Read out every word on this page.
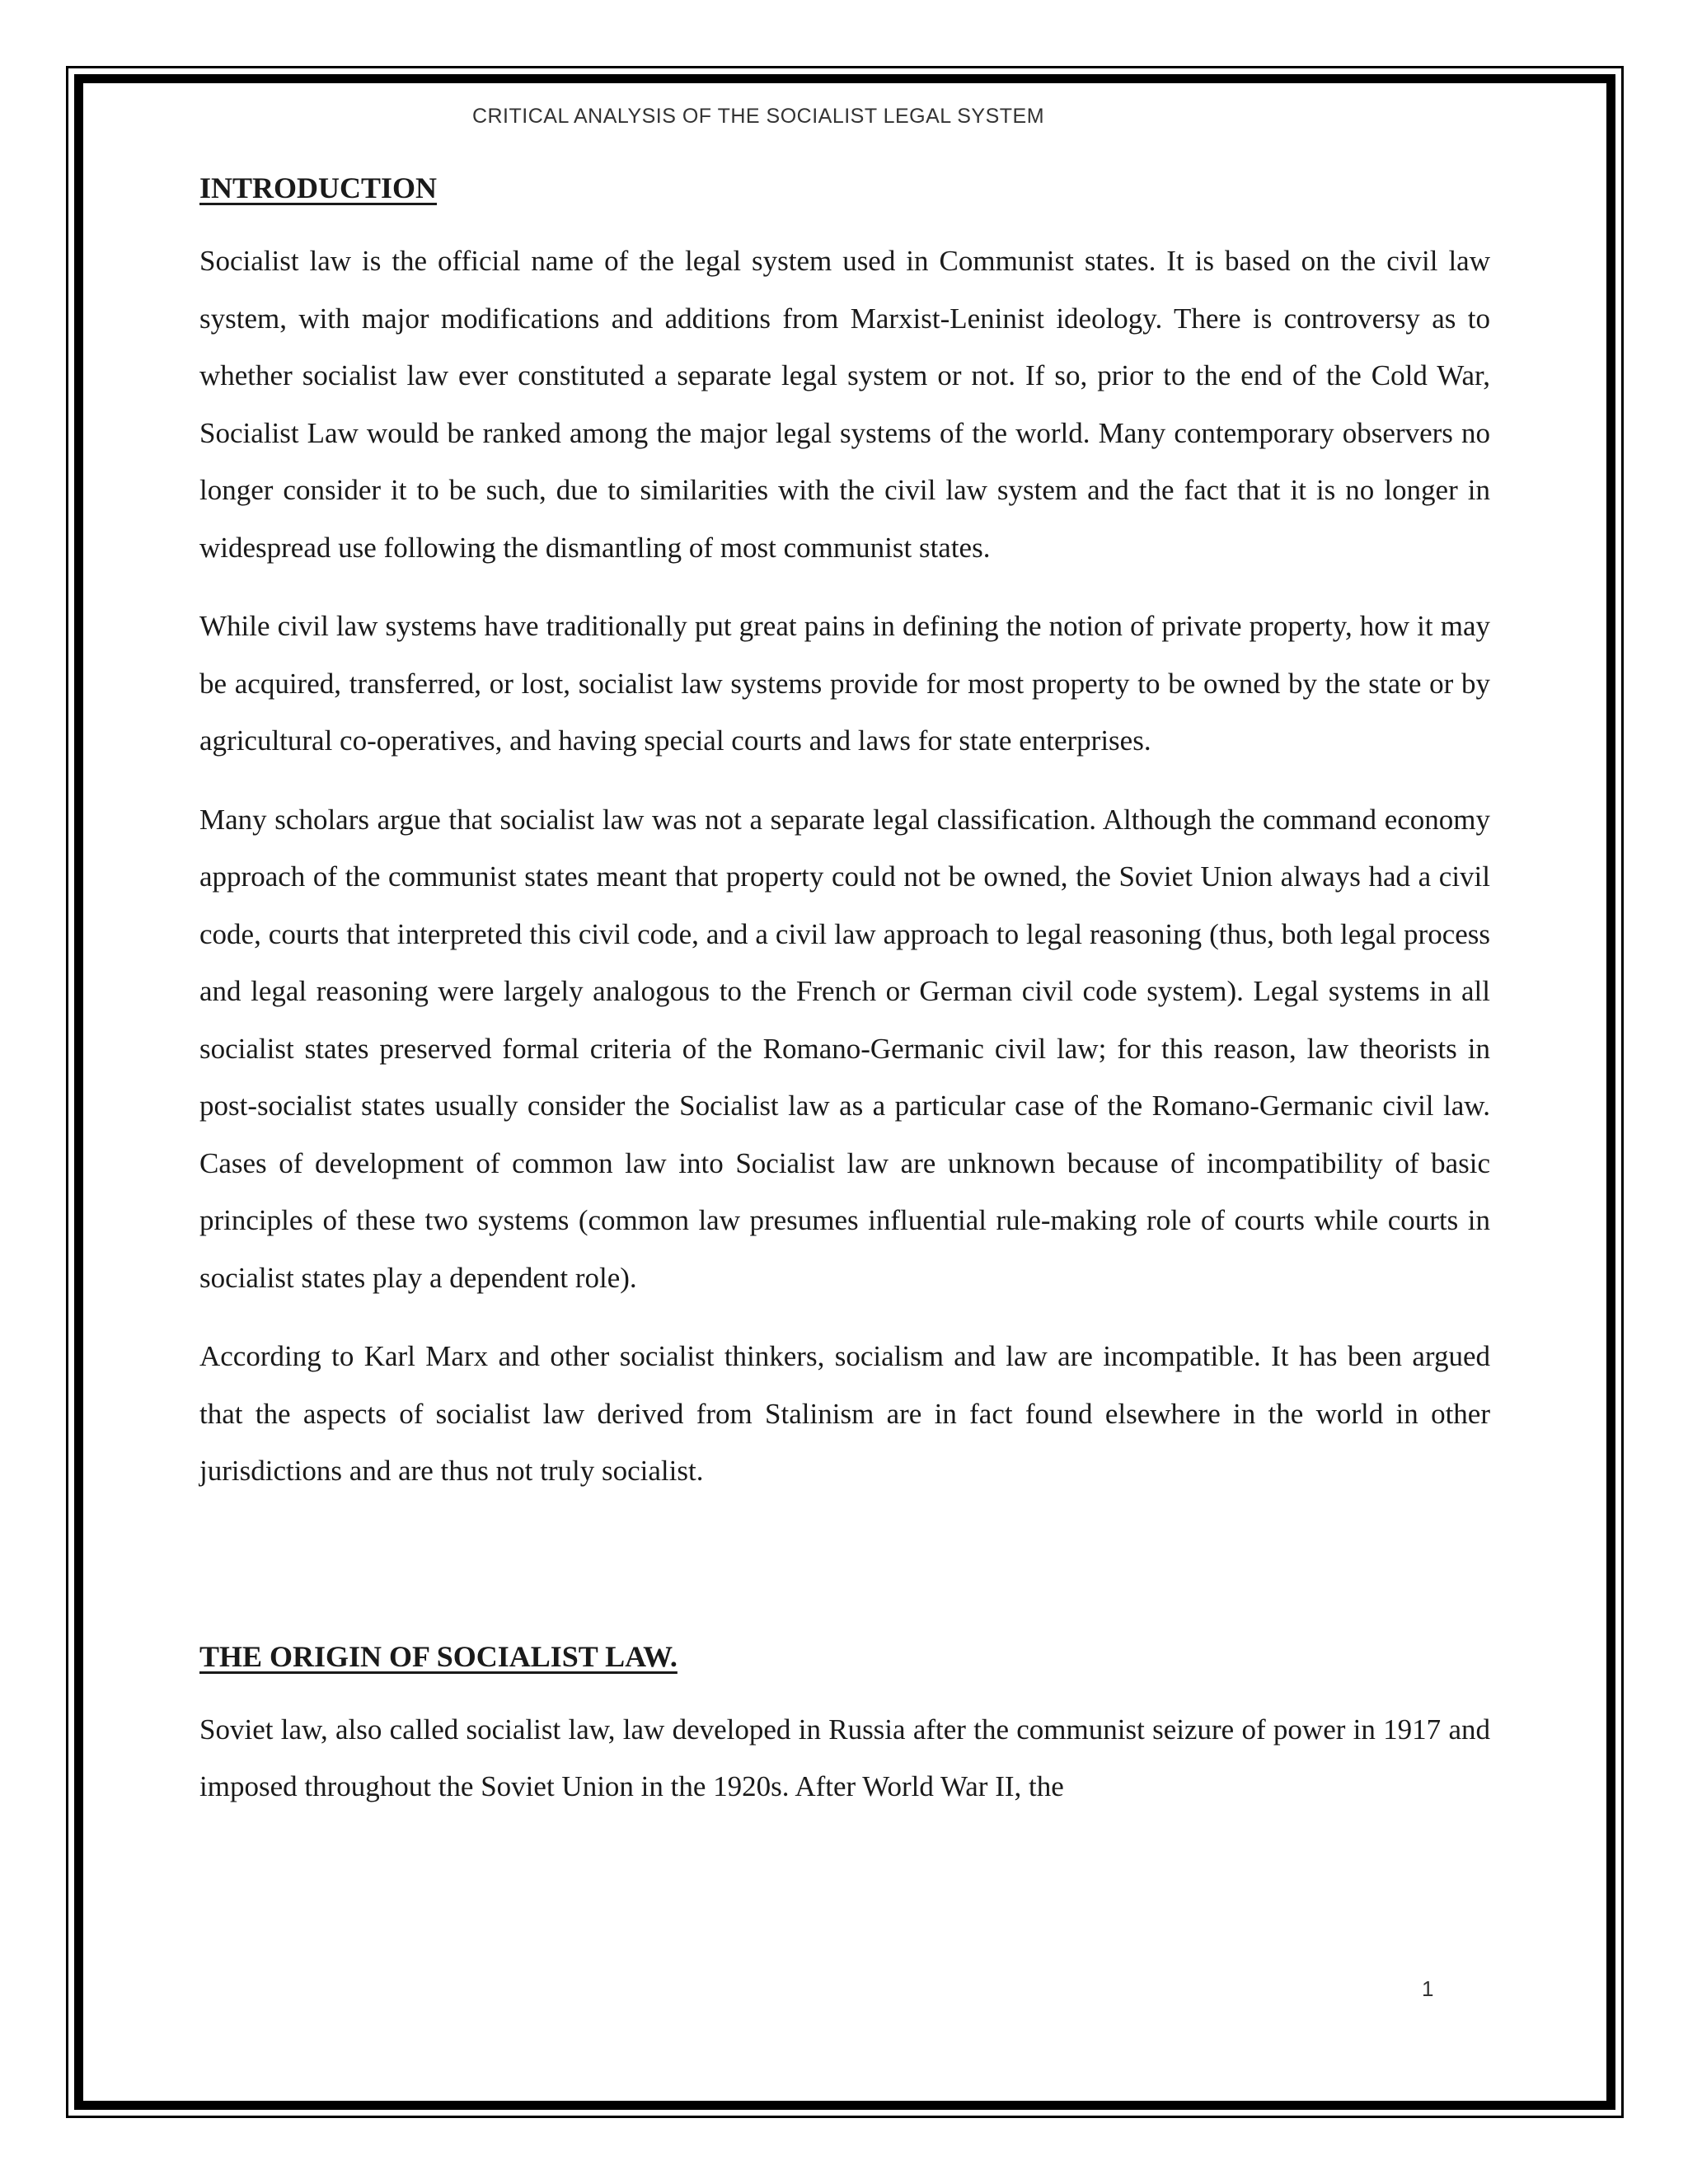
CRITICAL ANALYSIS OF THE SOCIALIST LEGAL SYSTEM
INTRODUCTION

Socialist law is the official name of the legal system used in Communist states. It is based on the civil law system, with major modifications and additions from Marxist-Leninist ideology. There is controversy as to whether socialist law ever constituted a separate legal system or not. If so, prior to the end of the Cold War, Socialist Law would be ranked among the major legal systems of the world. Many contemporary observers no longer consider it to be such, due to similarities with the civil law system and the fact that it is no longer in widespread use following the dismantling of most communist states.

While civil law systems have traditionally put great pains in defining the notion of private property, how it may be acquired, transferred, or lost, socialist law systems provide for most property to be owned by the state or by agricultural co-operatives, and having special courts and laws for state enterprises.

Many scholars argue that socialist law was not a separate legal classification. Although the command economy approach of the communist states meant that property could not be owned, the Soviet Union always had a civil code, courts that interpreted this civil code, and a civil law approach to legal reasoning (thus, both legal process and legal reasoning were largely analogous to the French or German civil code system). Legal systems in all socialist states preserved formal criteria of the Romano-Germanic civil law; for this reason, law theorists in post-socialist states usually consider the Socialist law as a particular case of the Romano-Germanic civil law. Cases of development of common law into Socialist law are unknown because of incompatibility of basic principles of these two systems (common law presumes influential rule-making role of courts while courts in socialist states play a dependent role).

According to Karl Marx and other socialist thinkers, socialism and law are incompatible. It has been argued that the aspects of socialist law derived from Stalinism are in fact found elsewhere in the world in other jurisdictions and are thus not truly socialist.

THE ORIGIN OF SOCIALIST LAW.

Soviet law, also called socialist law, law developed in Russia after the communist seizure of power in 1917 and imposed throughout the Soviet Union in the 1920s. After World War II, the

1
